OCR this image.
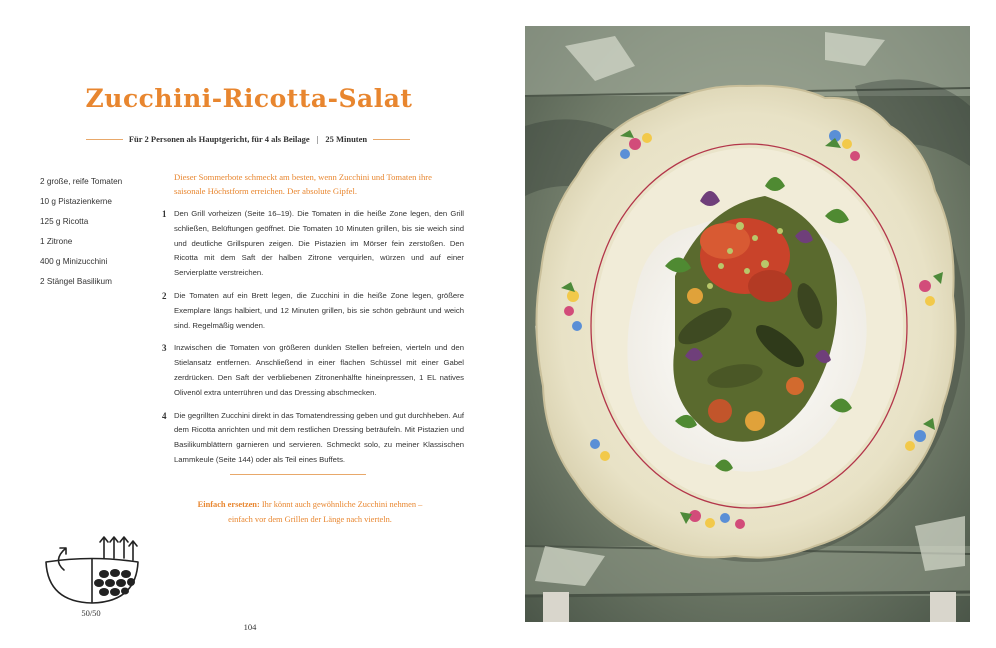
Zucchini-Ricotta-Salat
Für 2 Personen als Hauptgericht, für 4 als Beilage | 25 Minuten
2 große, reife Tomaten
10 g Pistazienkerne
125 g Ricotta
1 Zitrone
400 g Minizucchini
2 Stängel Basilikum
Dieser Sommerbote schmeckt am besten, wenn Zucchini und Tomaten ihre saisonale Höchstform erreichen. Der absolute Gipfel.
1 Den Grill vorheizen (Seite 16–19). Die Tomaten in die heiße Zone legen, den Grill schließen, Belüftungen geöffnet. Die Tomaten 10 Minuten grillen, bis sie weich sind und deutliche Grillspuren zeigen. Die Pistazien im Mörser fein zerstoßen. Den Ricotta mit dem Saft der halben Zitrone verquirlen, würzen und auf einer Servierplatte verstreichen.
2 Die Tomaten auf ein Brett legen, die Zucchini in die heiße Zone legen, größere Exemplare längs halbiert, und 12 Minuten grillen, bis sie schön gebräunt und weich sind. Regelmäßig wenden.
3 Inzwischen die Tomaten von größeren dunklen Stellen befreien, vierteln und den Stielansatz entfernen. Anschließend in einer flachen Schüssel mit einer Gabel zerdrücken. Den Saft der verbliebenen Zitronenhälfte hineinpressen, 1 EL natives Olivenöl extra unterrühren und das Dressing abschmecken.
4 Die gegrillten Zucchini direkt in das Tomatendressing geben und gut durchheben. Auf dem Ricotta anrichten und mit dem restlichen Dressing beträufeln. Mit Pistazien und Basilikumblättern garnieren und servieren. Schmeckt solo, zu meiner Klassischen Lammkeule (Seite 144) oder als Teil eines Buffets.
Einfach ersetzen: Ihr könnt auch gewöhnliche Zucchini nehmen – einfach vor dem Grillen der Länge nach vierteln.
50/50
104
